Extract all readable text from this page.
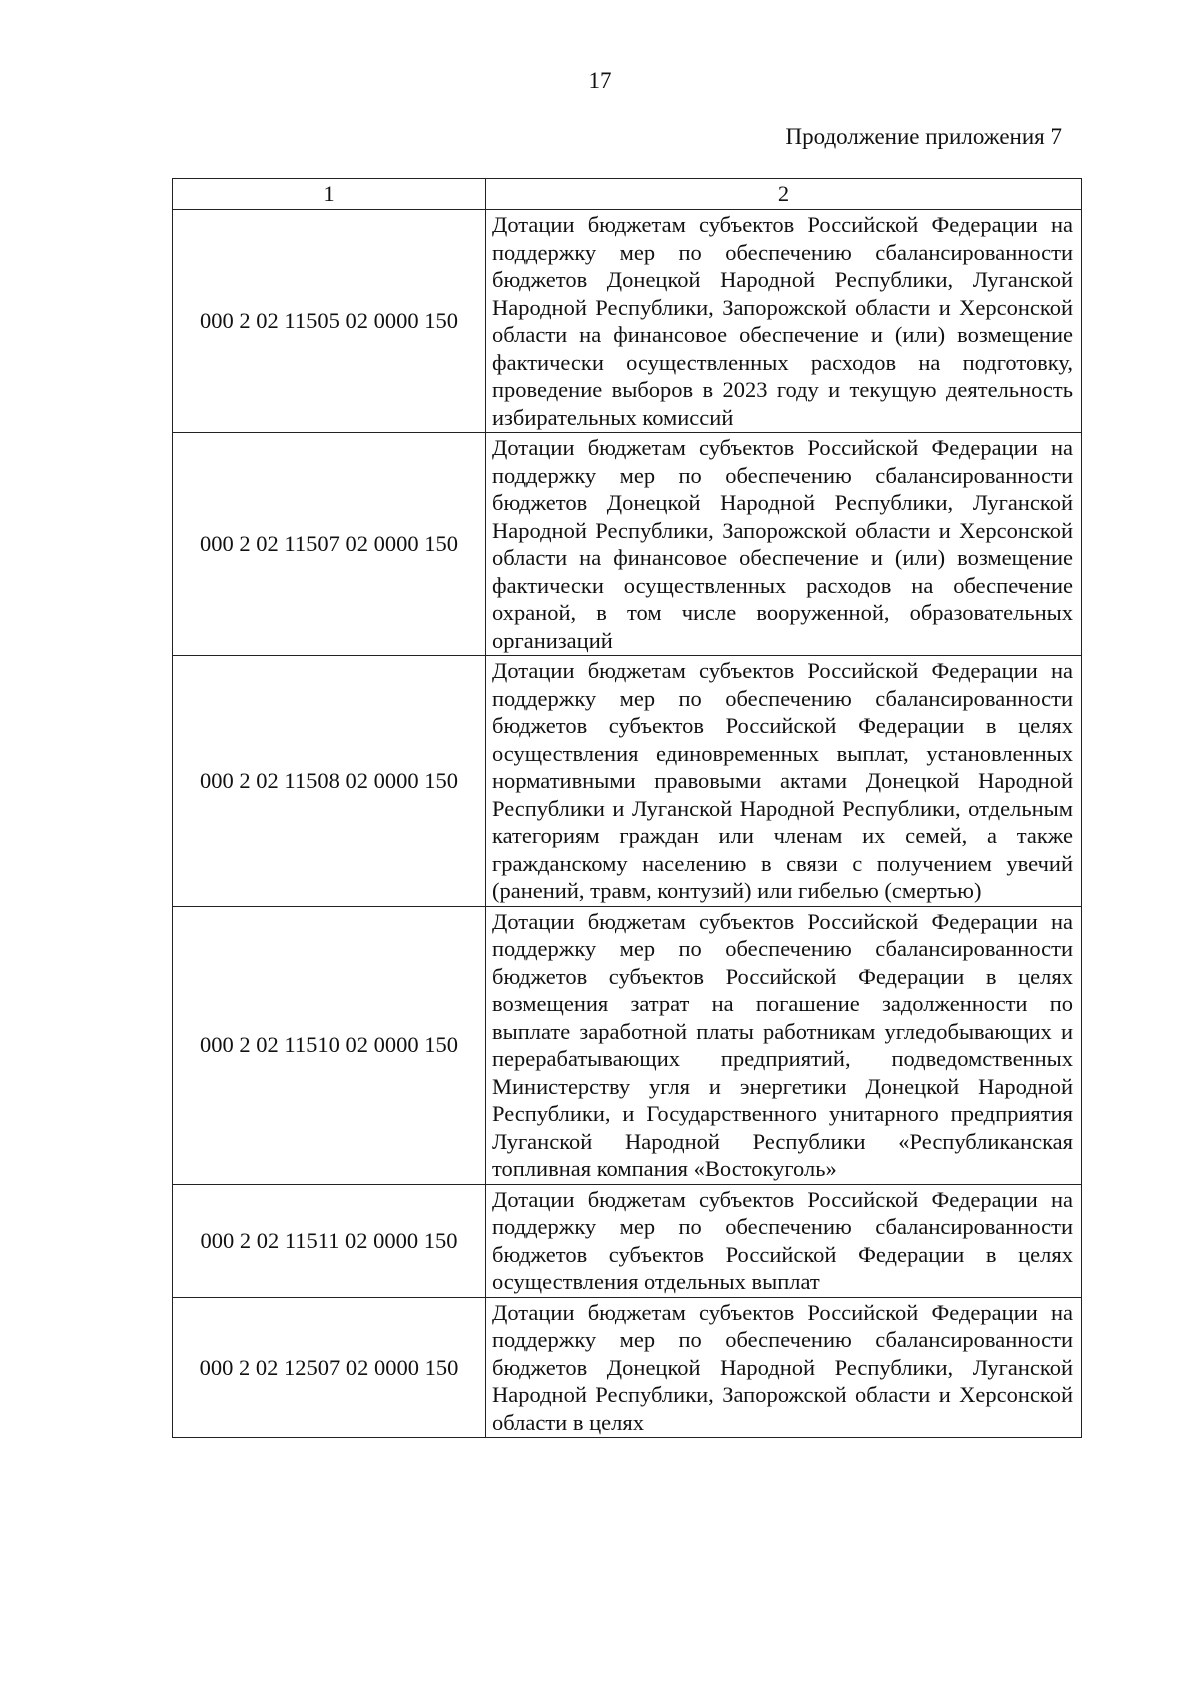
17
Продолжение приложения 7
1	2
000 2 02 11505 02 0000 150	Дотации бюджетам субъектов Российской Федерации на поддержку мер по обеспечению сбалансированности бюджетов Донецкой Народной Республики, Луганской Народной Республики, Запорожской области и Херсонской области на финансовое обеспечение и (или) возмещение фактически осуществленных расходов на подготовку, проведение выборов в 2023 году и текущую деятельность избирательных комиссий
000 2 02 11507 02 0000 150	Дотации бюджетам субъектов Российской Федерации на поддержку мер по обеспечению сбалансированности бюджетов Донецкой Народной Республики, Луганской Народной Республики, Запорожской области и Херсонской области на финансовое обеспечение и (или) возмещение фактически осуществленных расходов на обеспечение охраной, в том числе вооруженной, образовательных организаций
000 2 02 11508 02 0000 150	Дотации бюджетам субъектов Российской Федерации на поддержку мер по обеспечению сбалансированности бюджетов субъектов Российской Федерации в целях осуществления единовременных выплат, установленных нормативными правовыми актами Донецкой Народной Республики и Луганской Народной Республики, отдельным категориям граждан или членам их семей, а также гражданскому населению в связи с получением увечий (ранений, травм, контузий) или гибелью (смертью)
000 2 02 11510 02 0000 150	Дотации бюджетам субъектов Российской Федерации на поддержку мер по обеспечению сбалансированности бюджетов субъектов Российской Федерации в целях возмещения затрат на погашение задолженности по выплате заработной платы работникам угледобывающих и перерабатывающих предприятий, подведомственных Министерству угля и энергетики Донецкой Народной Республики, и Государственного унитарного предприятия Луганской Народной Республики «Республиканская топливная компания «Востокуголь»
000 2 02 11511 02 0000 150	Дотации бюджетам субъектов Российской Федерации на поддержку мер по обеспечению сбалансированности бюджетов субъектов Российской Федерации в целях осуществления отдельных выплат
000 2 02 12507 02 0000 150	Дотации бюджетам субъектов Российской Федерации на поддержку мер по обеспечению сбалансированности бюджетов Донецкой Народной Республики, Луганской Народной Республики, Запорожской области и Херсонской области в целях
